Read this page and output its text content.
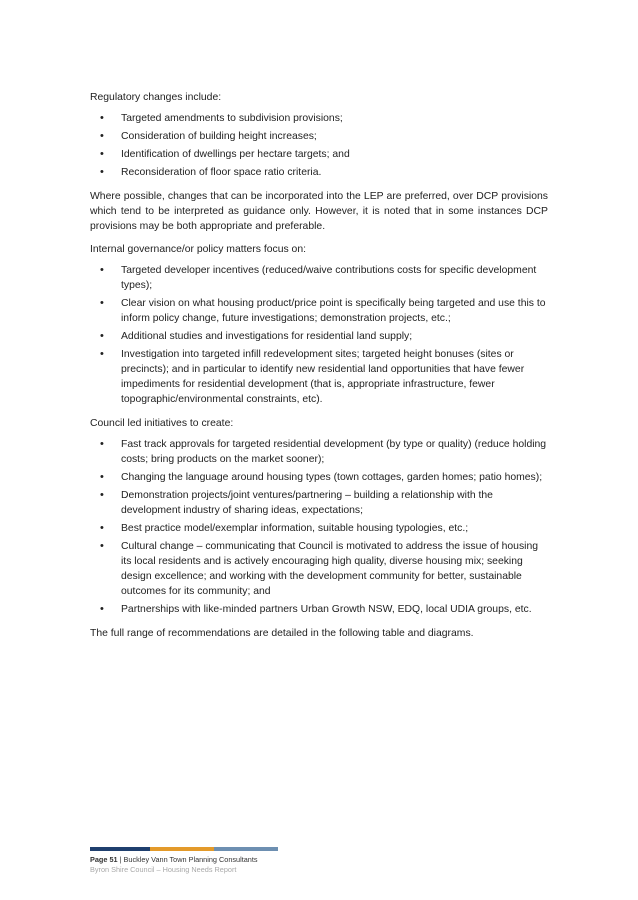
Regulatory changes include:

• Targeted amendments to subdivision provisions;
• Consideration of building height increases;
• Identification of dwellings per hectare targets; and
• Reconsideration of floor space ratio criteria.

Where possible, changes that can be incorporated into the LEP are preferred, over DCP provisions which tend to be interpreted as guidance only. However, it is noted that in some instances DCP provisions may be both appropriate and preferable.

Internal governance/or policy matters focus on:

• Targeted developer incentives (reduced/waive contributions costs for specific development types);
• Clear vision on what housing product/price point is specifically being targeted and use this to inform policy change, future investigations; demonstration projects, etc.;
• Additional studies and investigations for residential land supply;
• Investigation into targeted infill redevelopment sites; targeted height bonuses (sites or precincts); and in particular to identify new residential land opportunities that have fewer impediments for residential development (that is, appropriate infrastructure, fewer topographic/environmental constraints, etc).

Council led initiatives to create:

• Fast track approvals for targeted residential development (by type or quality) (reduce holding costs; bring products on the market sooner);
• Changing the language around housing types (town cottages, garden homes; patio homes);
• Demonstration projects/joint ventures/partnering – building a relationship with the development industry of sharing ideas, expectations;
• Best practice model/exemplar information, suitable housing typologies, etc.;
• Cultural change – communicating that Council is motivated to address the issue of housing its local residents and is actively encouraging high quality, diverse housing mix; seeking design excellence; and working with the development community for better, sustainable outcomes for its community; and
• Partnerships with like-minded partners Urban Growth NSW, EDQ, local UDIA groups, etc.

The full range of recommendations are detailed in the following table and diagrams.

Page 51 | Buckley Vann Town Planning Consultants
Byron Shire Council – Housing Needs Report
